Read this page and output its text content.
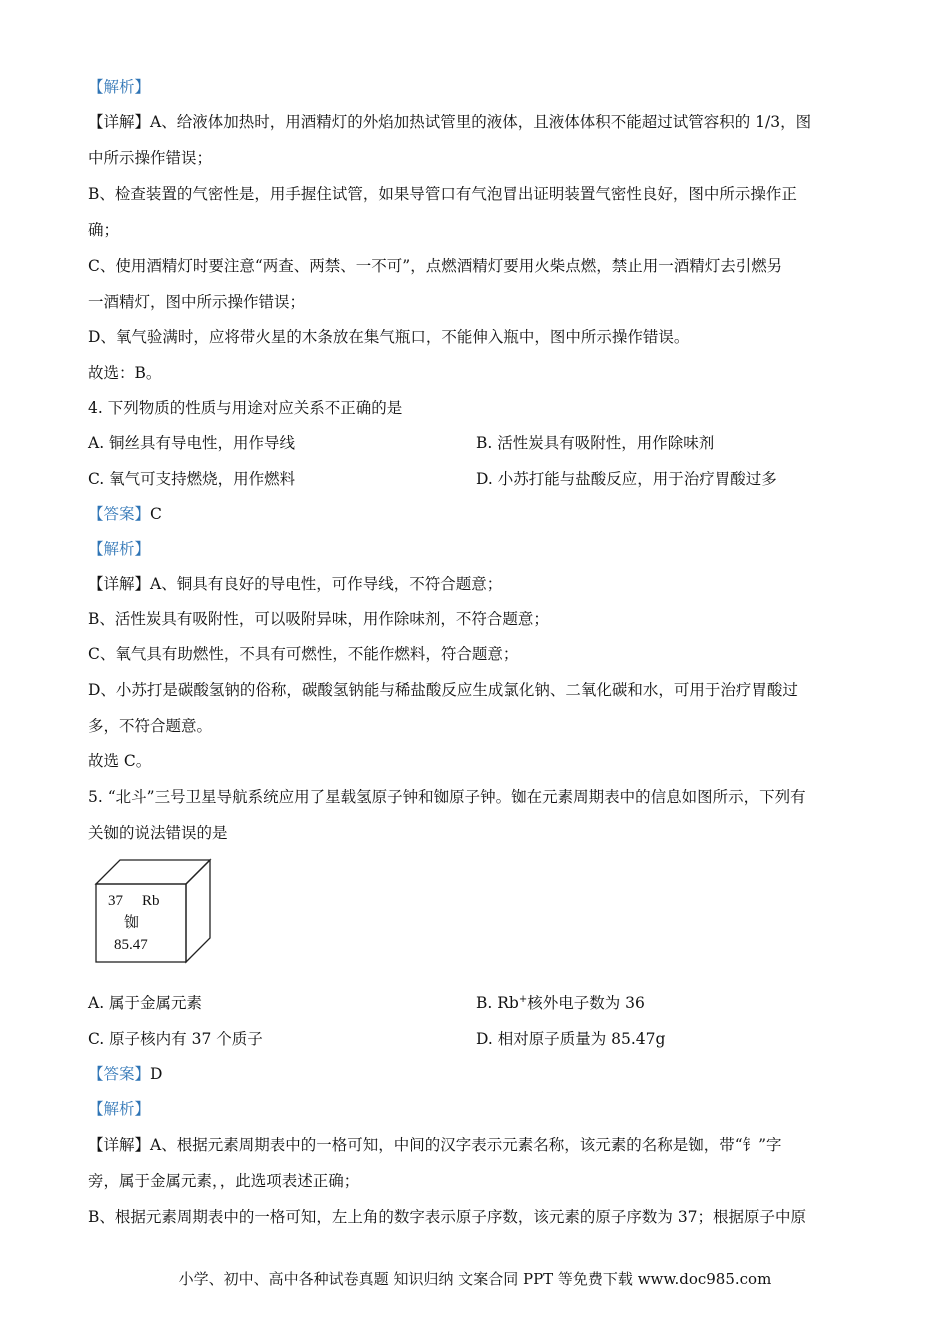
【解析】
【详解】A、给液体加热时，用酒精灯的外焰加热试管里的液体，且液体体积不能超过试管容积的 1/3，图
中所示操作错误；
B、检查装置的气密性是，用手握住试管，如果导管口有气泡冒出证明装置气密性良好，图中所示操作正
确；
C、使用酒精灯时要注意“两查、两禁、一不可”，点燃酒精灯要用火柴点燃，禁止用一酒精灯去引燃另
一酒精灯，图中所示操作错误；
D、氧气验满时，应将带火星的木条放在集气瓶口，不能伸入瓶中，图中所示操作错误。
故选：B。
4. 下列物质的性质与用途对应关系不正确的是
A. 铜丝具有导电性，用作导线	B. 活性炭具有吸附性，用作除味剂
C. 氧气可支持燃烧，用作燃料	D. 小苏打能与盐酸反应，用于治疗胃酸过多
【答案】C
【解析】
【详解】A、铜具有良好的导电性，可作导线，不符合题意；
B、活性炭具有吸附性，可以吸附异味，用作除味剂，不符合题意；
C、氧气具有助燃性，不具有可燃性，不能作燃料，符合题意；
D、小苏打是碳酸氢钠的俗称，碳酸氢钠能与稀盐酸反应生成氯化钠、二氧化碳和水，可用于治疗胃酸过
多，不符合题意。
故选 C。
5. “北斗”三号卫星导航系统应用了星载氢原子钟和铷原子钟。铷在元素周期表中的信息如图所示，下列有
关铷的说法错误的是
37 Rb
铷
85.47
A. 属于金属元素	B. Rb+核外电子数为 36
C. 原子核内有 37 个质子	D. 相对原子质量为 85.47g
【答案】D
【解析】
【详解】A、根据元素周期表中的一格可知，中间的汉字表示元素名称，该元素的名称是铷，带“钅”字
旁，属于金属元素，，此选项表述正确；
B、根据元素周期表中的一格可知，左上角的数字表示原子序数，该元素的原子序数为 37；根据原子中原
小学、初中、高中各种试卷真题 知识归纳 文案合同 PPT 等免费下载 www.doc985.com
